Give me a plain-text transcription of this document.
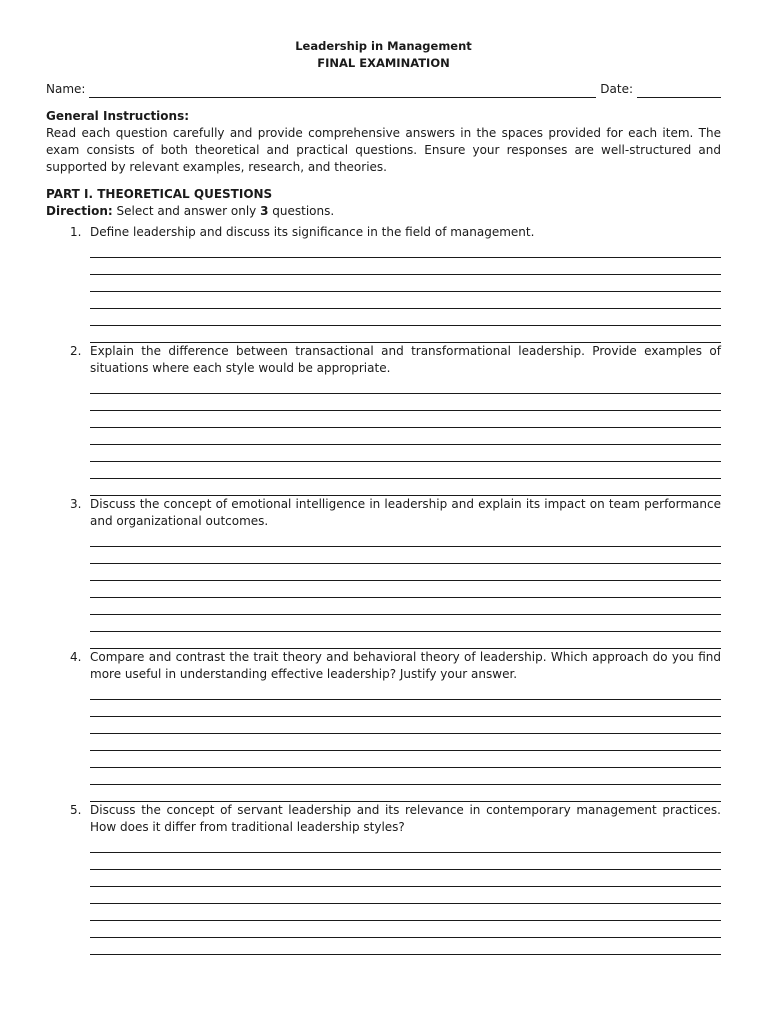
Leadership in Management
FINAL EXAMINATION
Name:	Date:
General Instructions:
Read each question carefully and provide comprehensive answers in the spaces provided for each item. The exam consists of both theoretical and practical questions. Ensure your responses are well-structured and supported by relevant examples, research, and theories.
PART I. THEORETICAL QUESTIONS
Direction: Select and answer only 3 questions.
1. Define leadership and discuss its significance in the field of management.
2. Explain the difference between transactional and transformational leadership. Provide examples of situations where each style would be appropriate.
3. Discuss the concept of emotional intelligence in leadership and explain its impact on team performance and organizational outcomes.
4. Compare and contrast the trait theory and behavioral theory of leadership. Which approach do you find more useful in understanding effective leadership? Justify your answer.
5. Discuss the concept of servant leadership and its relevance in contemporary management practices. How does it differ from traditional leadership styles?
